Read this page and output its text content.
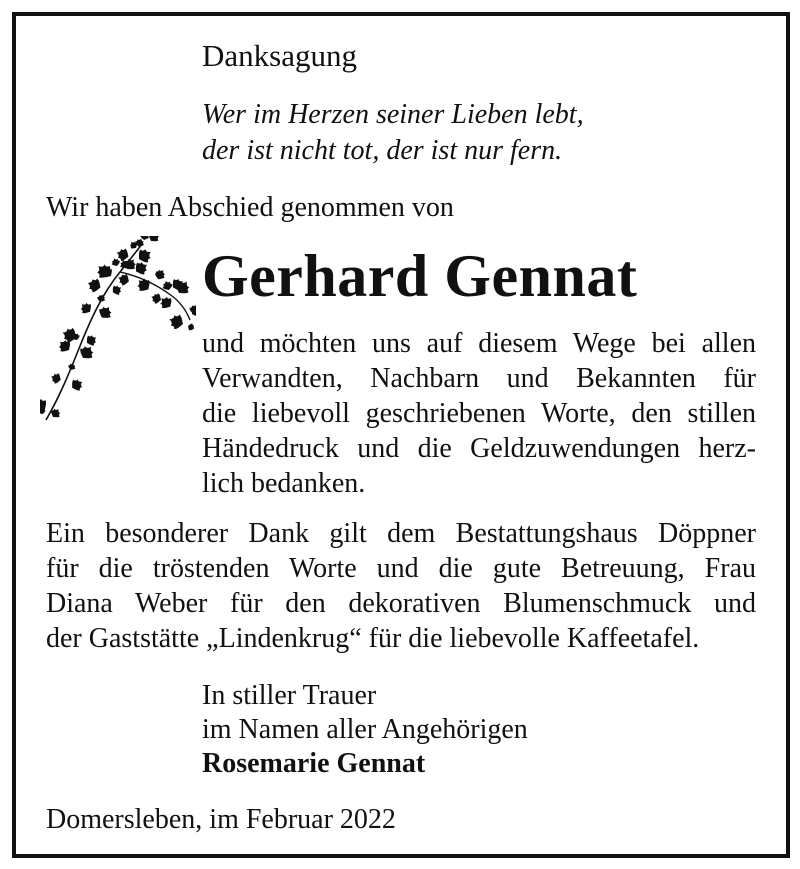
Danksagung
Wer im Herzen seiner Lieben lebt,
der ist nicht tot, der ist nur fern.
Wir haben Abschied genommen von
Gerhard Gennat
und möchten uns auf diesem Wege bei allen
Verwandten, Nachbarn und Bekannten für
die liebevoll geschriebenen Worte, den stillen
Händedruck und die Geldzuwendungen herz-
lich bedanken.
Ein besonderer Dank gilt dem Bestattungshaus Döppner
für die tröstenden Worte und die gute Betreuung, Frau
Diana Weber für den dekorativen Blumenschmuck und
der Gaststätte „Lindenkrug“ für die liebevolle Kaffeetafel.
In stiller Trauer
im Namen aller Angehörigen
Rosemarie Gennat
Domersleben, im Februar 2022
